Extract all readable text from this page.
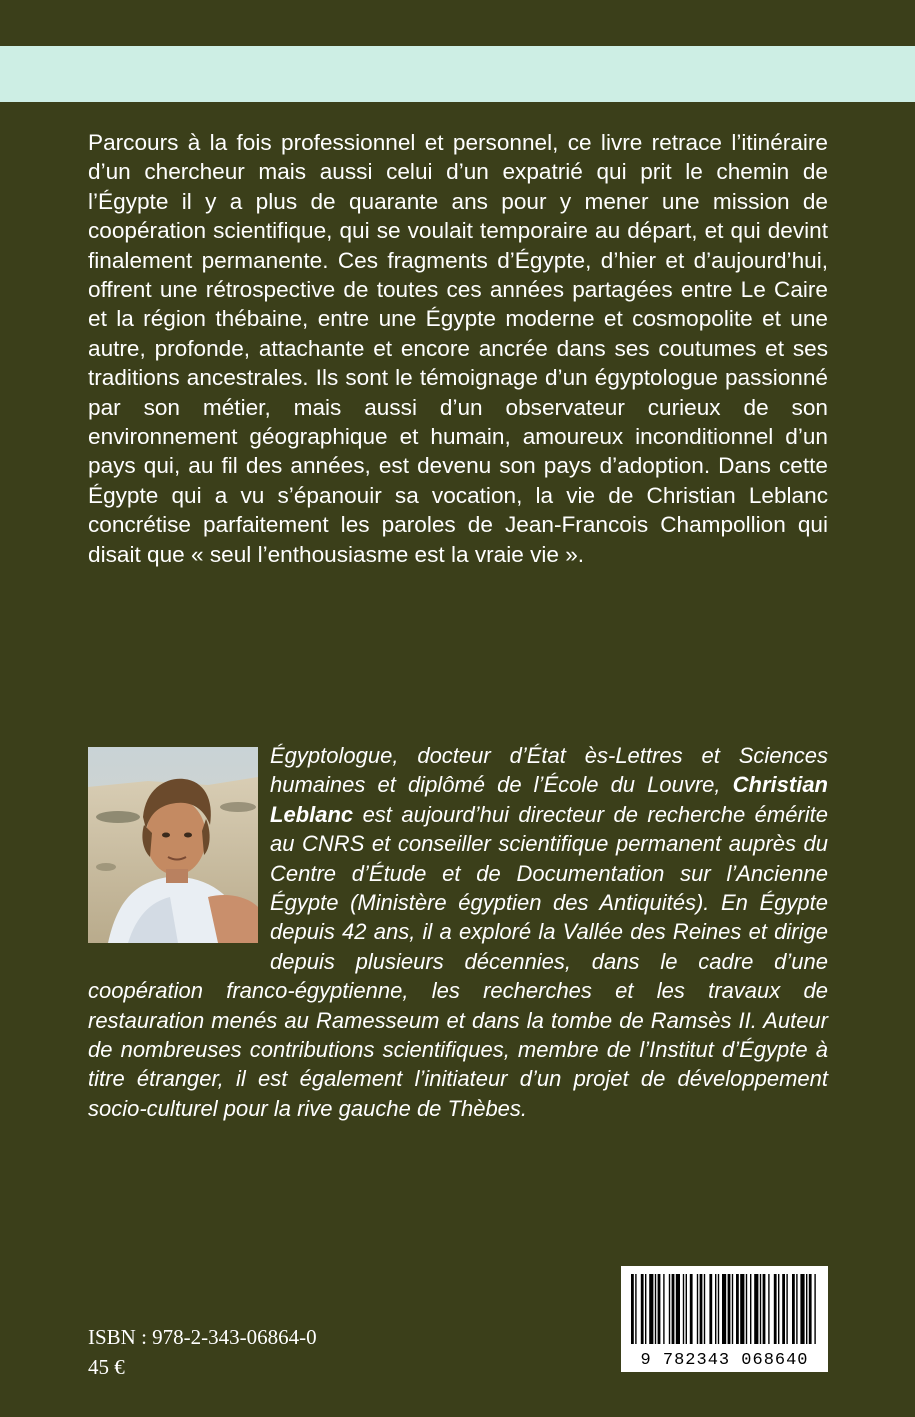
Parcours à la fois professionnel et personnel, ce livre retrace l’itinéraire d’un chercheur mais aussi celui d’un expatrié qui prit le chemin de l’Égypte il y a plus de quarante ans pour y mener une mission de coopération scientifique, qui se voulait temporaire au départ, et qui devint finalement permanente. Ces fragments d’Égypte, d’hier et d’aujourd’hui, offrent une rétrospective de toutes ces années partagées entre Le Caire et la région thébaine, entre une Égypte moderne et cosmopolite et une autre, profonde, attachante et encore ancrée dans ses coutumes et ses traditions ancestrales. Ils sont le témoignage d’un égyptologue passionné par son métier, mais aussi d’un observateur curieux de son environnement géographique et humain, amoureux inconditionnel d’un pays qui, au fil des années, est devenu son pays d’adoption. Dans cette Égypte qui a vu s’épanouir sa vocation, la vie de Christian Leblanc concrétise parfaitement les paroles de Jean-Francois Champollion qui disait que « seul l’enthousiasme est la vraie vie ».

Égyptologue, docteur d’État ès-Lettres et Sciences humaines et diplômé de l’École du Louvre, Christian Leblanc est aujourd’hui directeur de recherche émérite au CNRS et conseiller scientifique permanent auprès du Centre d’Étude et de Documentation sur l’Ancienne Égypte (Ministère égyptien des Antiquités). En Égypte depuis 42 ans, il a exploré la Vallée des Reines et dirige depuis plusieurs décennies, dans le cadre d’une coopération franco-égyptienne, les recherches et les travaux de restauration menés au Ramesseum et dans la tombe de Ramsès II. Auteur de nombreuses contributions scientifiques, membre de l’Institut d’Égypte à titre étranger, il est également l’initiateur d’un projet de développement socio-culturel pour la rive gauche de Thèbes.
ISBN : 978-2-343-06864-0
45 €	9 782343 068640
